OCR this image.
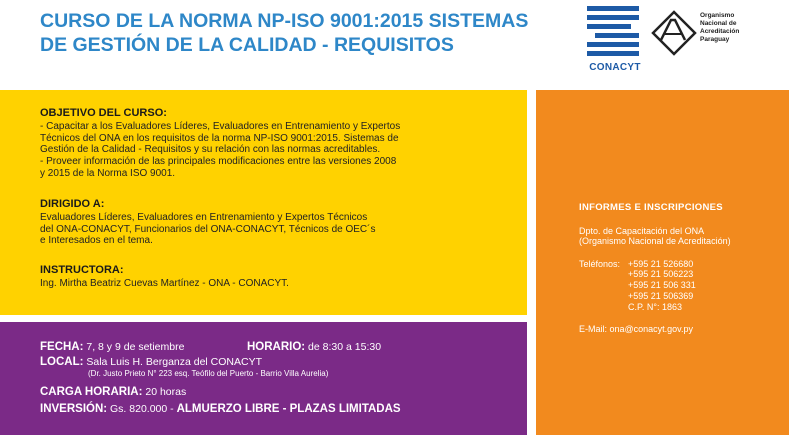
CURSO DE LA NORMA NP-ISO 9001:2015 SISTEMAS
DE GESTIÓN DE LA CALIDAD - REQUISITOS
CONACYT
Organismo
Nacional de
Acreditación
Paraguay
OBJETIVO DEL CURSO:
- Capacitar a los Evaluadores Líderes, Evaluadores en Entrenamiento y Expertos
Técnicos del ONA en los requisitos de la norma NP-ISO 9001:2015. Sistemas de
Gestión de la Calidad - Requisitos y su relación con las normas acreditables.
- Proveer información de las principales modificaciones entre las versiones 2008
y 2015 de la Norma ISO 9001.
DIRIGIDO A:
Evaluadores Líderes, Evaluadores en Entrenamiento y Expertos Técnicos
del ONA-CONACYT, Funcionarios del ONA-CONACYT, Técnicos de OEC´s
e Interesados en el tema.
INSTRUCTORA:
Ing. Mirtha Beatriz Cuevas Martínez - ONA - CONACYT.
FECHA: 7, 8 y 9 de setiembre	HORARIO: de 8:30 a 15:30
LOCAL: Sala Luis H. Berganza del CONACYT
(Dr. Justo Prieto N° 223 esq. Teófilo del Puerto - Barrio Villa Aurelia)
CARGA HORARIA: 20 horas
INVERSIÓN: Gs. 820.000 - ALMUERZO LIBRE - PLAZAS LIMITADAS
INFORMES E INSCRIPCIONES
Dpto. de Capacitación del ONA
(Organismo Nacional de Acreditación)
Teléfonos: +595 21 526680
+595 21 506223
+595 21 506 331
+595 21 506369
C.P. N°: 1863
E-Mail: ona@conacyt.gov.py
